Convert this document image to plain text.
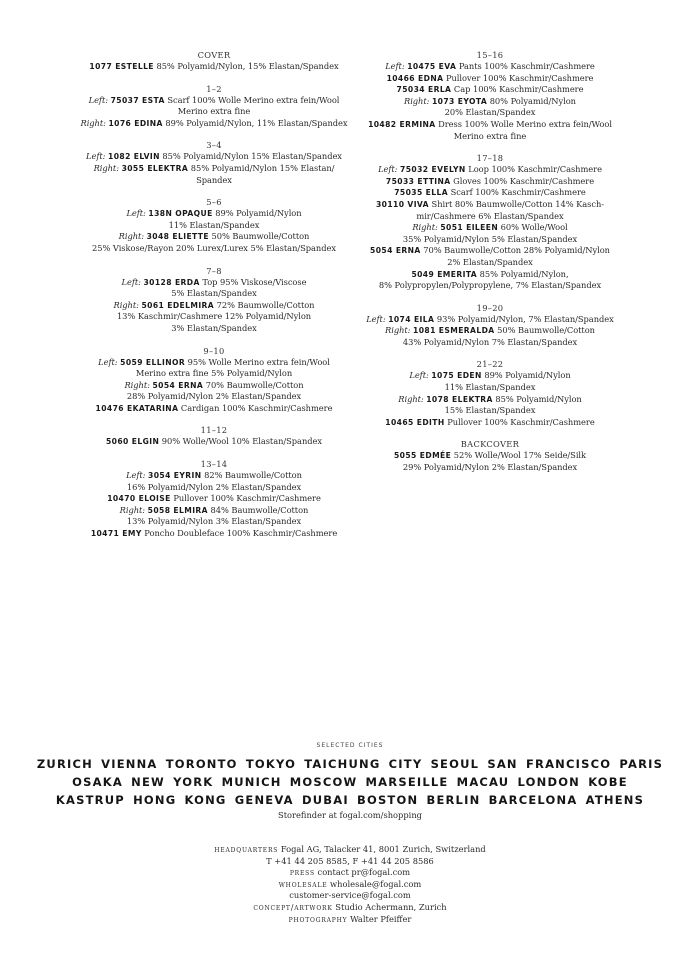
COVER
1077 ESTELLE 85% Polyamid/Nylon, 15% Elastan/Spandex
1–2
Left: 75037 ESTA Scarf 100% Wolle Merino extra fein/Wool
Merino extra fine
Right: 1076 EDINA 89% Polyamid/Nylon, 11% Elastan/Spandex
3–4
Left: 1082 ELVIN 85% Polyamid/Nylon 15% Elastan/Spandex
Right: 3055 ELEKTRA 85% Polyamid/Nylon 15% Elastan/
Spandex
5–6
Left: 138N OPAQUE 89% Polyamid/Nylon
11% Elastan/Spandex
Right: 3048 ELIETTE 50% Baumwolle/Cotton
25% Viskose/Rayon 20% Lurex/Lurex 5% Elastan/Spandex
7–8
Left: 30128 ERDA Top 95% Viskose/Viscose
5% Elastan/Spandex
Right: 5061 EDELMIRA 72% Baumwolle/Cotton
13% Kaschmir/Cashmere 12% Polyamid/Nylon
3% Elastan/Spandex
9–10
Left: 5059 ELLINOR 95% Wolle Merino extra fein/Wool
Merino extra fine 5% Polyamid/Nylon
Right: 5054 ERNA 70% Baumwolle/Cotton
28% Polyamid/Nylon 2% Elastan/Spandex
10476 EKATARINA Cardigan 100% Kaschmir/Cashmere
11–12
5060 ELGIN 90% Wolle/Wool 10% Elastan/Spandex
13–14
Left: 3054 EYRIN 82% Baumwolle/Cotton
16% Polyamid/Nylon 2% Elastan/Spandex
10470 ELOISE Pullover 100% Kaschmir/Cashmere
Right: 5058 ELMIRA 84% Baumwolle/Cotton
13% Polyamid/Nylon 3% Elastan/Spandex
10471 EMY Poncho Doubleface 100% Kaschmir/Cashmere
15–16
Left: 10475 EVA Pants 100% Kaschmir/Cashmere
10466 EDNA Pullover 100% Kaschmir/Cashmere
75034 ERLA Cap 100% Kaschmir/Cashmere
Right: 1073 EYOTA 80% Polyamid/Nylon
20% Elastan/Spandex
10482 ERMINA Dress 100% Wolle Merino extra fein/Wool
Merino extra fine
17–18
Left: 75032 EVELYN Loop 100% Kaschmir/Cashmere
75033 ETTINA Gloves 100% Kaschmir/Cashmere
75035 ELLA Scarf 100% Kaschmir/Cashmere
30110 VIVA Shirt 80% Baumwolle/Cotton 14% Kasch-
mir/Cashmere 6% Elastan/Spandex
Right: 5051 EILEEN 60% Wolle/Wool
35% Polyamid/Nylon 5% Elastan/Spandex
5054 ERNA 70% Baumwolle/Cotton 28% Polyamid/Nylon
2% Elastan/Spandex
5049 EMERITA 85% Polyamid/Nylon,
8% Polypropylen/Polypropylene, 7% Elastan/Spandex
19–20
Left: 1074 EILA 93% Polyamid/Nylon, 7% Elastan/Spandex
Right: 1081 ESMERALDA 50% Baumwolle/Cotton
43% Polyamid/Nylon 7% Elastan/Spandex
21–22
Left: 1075 EDEN 89% Polyamid/Nylon
11% Elastan/Spandex
Right: 1078 ELEKTRA 85% Polyamid/Nylon
15% Elastan/Spandex
10465 EDITH Pullover 100% Kaschmir/Cashmere
BACKCOVER
5055 EDMÉE 52% Wolle/Wool 17% Seide/Silk
29% Polyamid/Nylon 2% Elastan/Spandex
SELECTED CITIES
ZURICH VIENNA TORONTO TOKYO TAICHUNG CITY SEOUL SAN FRANCISCO PARIS
OSAKA NEW YORK MUNICH MOSCOW MARSEILLE MACAU LONDON KOBE
KASTRUP HONG KONG GENEVA DUBAI BOSTON BERLIN BARCELONA ATHENS
Storefinder at fogal.com/shopping
headquarters Fogal AG, Talacker 41, 8001 Zurich, Switzerland
T +41 44 205 8585, F +41 44 205 8586
press contact pr@fogal.com
wholesale wholesale@fogal.com
customer-service@fogal.com
concept/artwork Studio Achermann, Zurich
photography Walter Pfeiffer
